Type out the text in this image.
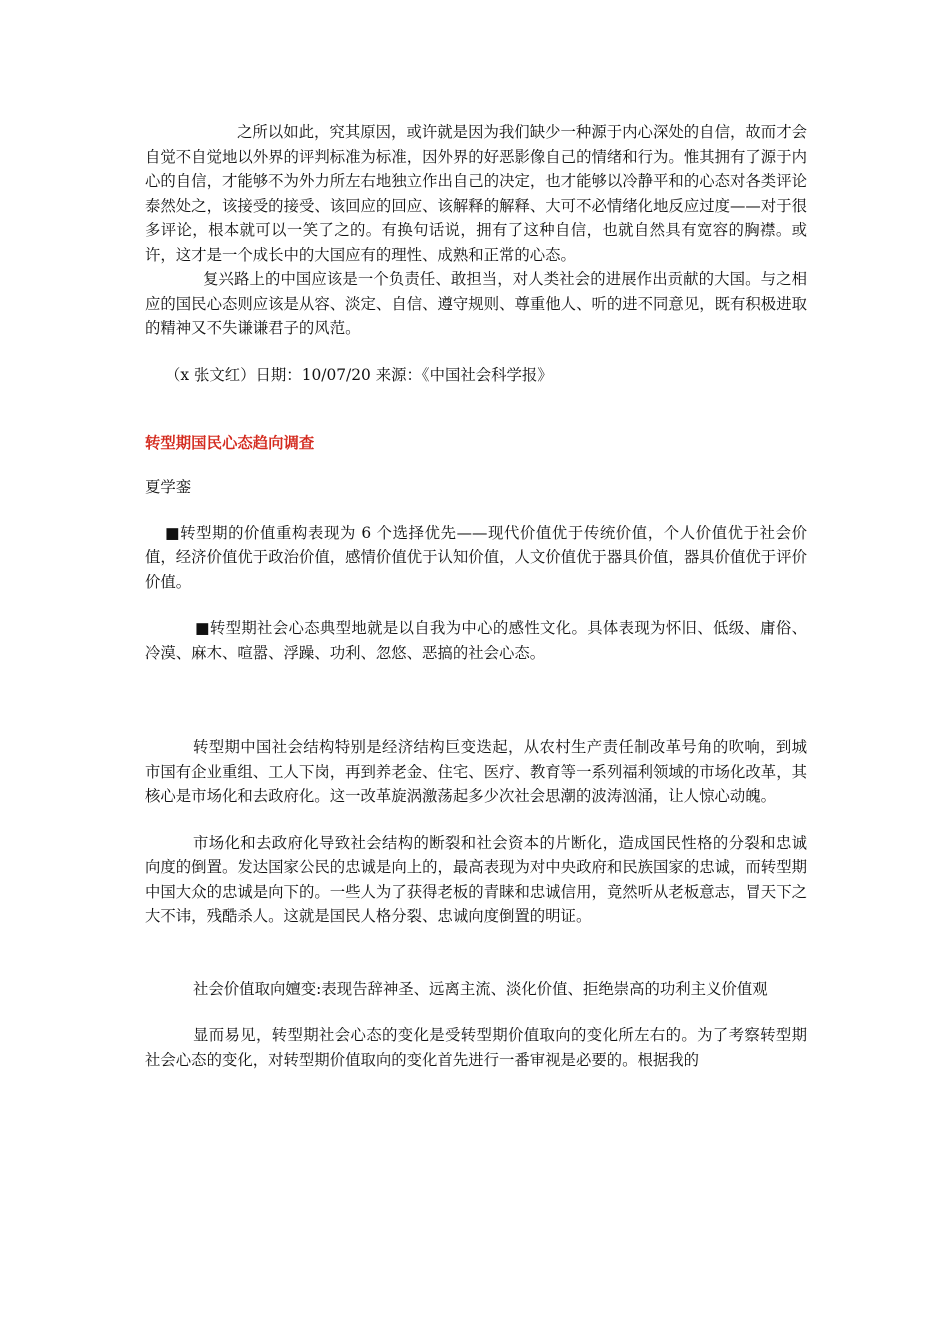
之所以如此，究其原因，或许就是因为我们缺少一种源于内心深处的自信，故而才会自觉不自觉地以外界的评判标准为标准，因外界的好恶影像自己的情绪和行为。惟其拥有了源于内心的自信，才能够不为外力所左右地独立作出自己的决定，也才能够以冷静平和的心态对各类评论泰然处之，该接受的接受、该回应的回应、该解释的解释、大可不必情绪化地反应过度——对于很多评论，根本就可以一笑了之的。有换句话说，拥有了这种自信，也就自然具有宽容的胸襟。或许，这才是一个成长中的大国应有的理性、成熟和正常的心态。

复兴路上的中国应该是一个负责任、敢担当，对人类社会的进展作出贡献的大国。与之相应的国民心态则应该是从容、淡定、自信、遵守规则、尊重他人、听的进不同意见，既有积极进取的精神又不失谦谦君子的风范。

（x 张文红）日期：10/07/20 来源：《中国社会科学报》
转型期国民心态趋向调查
夏学銮

■转型期的价值重构表现为 6 个选择优先——现代价值优于传统价值，个人价值优于社会价值，经济价值优于政治价值，感情价值优于认知价值，人文价值优于器具价值，器具价值优于评价价值。

■转型期社会心态典型地就是以自我为中心的感性文化。具体表现为怀旧、低级、庸俗、冷漠、麻木、喧嚣、浮躁、功利、忽悠、恶搞的社会心态。

转型期中国社会结构特别是经济结构巨变迭起，从农村生产责任制改革号角的吹响，到城市国有企业重组、工人下岗，再到养老金、住宅、医疗、教育等一系列福利领域的市场化改革，其核心是市场化和去政府化。这一改革旋涡激荡起多少次社会思潮的波涛汹涌，让人惊心动魄。

市场化和去政府化导致社会结构的断裂和社会资本的片断化，造成国民性格的分裂和忠诚向度的倒置。发达国家公民的忠诚是向上的，最高表现为对中央政府和民族国家的忠诚，而转型期中国大众的忠诚是向下的。一些人为了获得老板的青睐和忠诚信用，竟然听从老板意志，冒天下之大不讳，残酷杀人。这就是国民人格分裂、忠诚向度倒置的明证。

社会价值取向嬗变:表现告辞神圣、远离主流、淡化价值、拒绝崇高的功利主义价值观

显而易见，转型期社会心态的变化是受转型期价值取向的变化所左右的。为了考察转型期社会心态的变化，对转型期价值取向的变化首先进行一番审视是必要的。根据我的
